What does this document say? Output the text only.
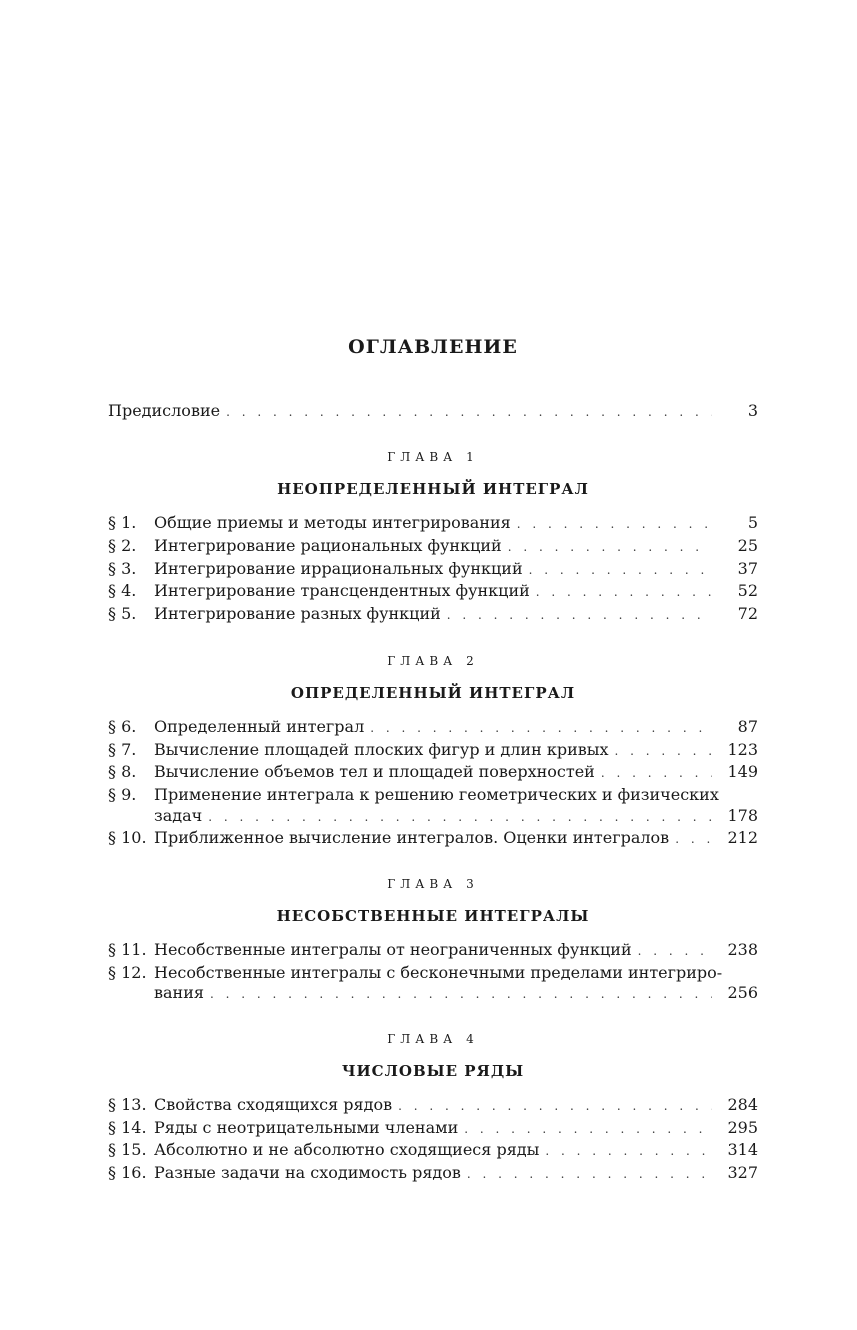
ОГЛАВЛЕНИЕ
Предисловие . . .	3
ГЛАВА 1
НЕОПРЕДЕЛЕННЫЙ ИНТЕГРАЛ
§ 1.	Общие приемы и методы интегрирования . . .	5
§ 2.	Интегрирование рациональных функций . . .	25
§ 3.	Интегрирование иррациональных функций . . .	37
§ 4.	Интегрирование трансцендентных функций . . .	52
§ 5.	Интегрирование разных функций . . .	72
ГЛАВА 2
ОПРЕДЕЛЕННЫЙ ИНТЕГРАЛ
§ 6.	Определенный интеграл . . .	87
§ 7.	Вычисление площадей плоских фигур и длин кривых . . .	123
§ 8.	Вычисление объемов тел и площадей поверхностей . . .	149
§ 9. Применение интеграла к решению геометрических и физических
задач . . .	178
§ 10. Приближенное вычисление интегралов. Оценки интегралов . . .	212
ГЛАВА 3
НЕСОБСТВЕННЫЕ ИНТЕГРАЛЫ
§ 11. Несобственные интегралы от неограниченных функций . . .	238
§ 12. Несобственные интегралы с бесконечными пределами интегриро-
вания . . .	256
ГЛАВА 4
ЧИСЛОВЫЕ РЯДЫ
§ 13. Свойства сходящихся рядов . . .	284
§ 14. Ряды с неотрицательными членами . . .	295
§ 15. Абсолютно и не абсолютно сходящиеся ряды . . .	314
§ 16. Разные задачи на сходимость рядов . . .	327
